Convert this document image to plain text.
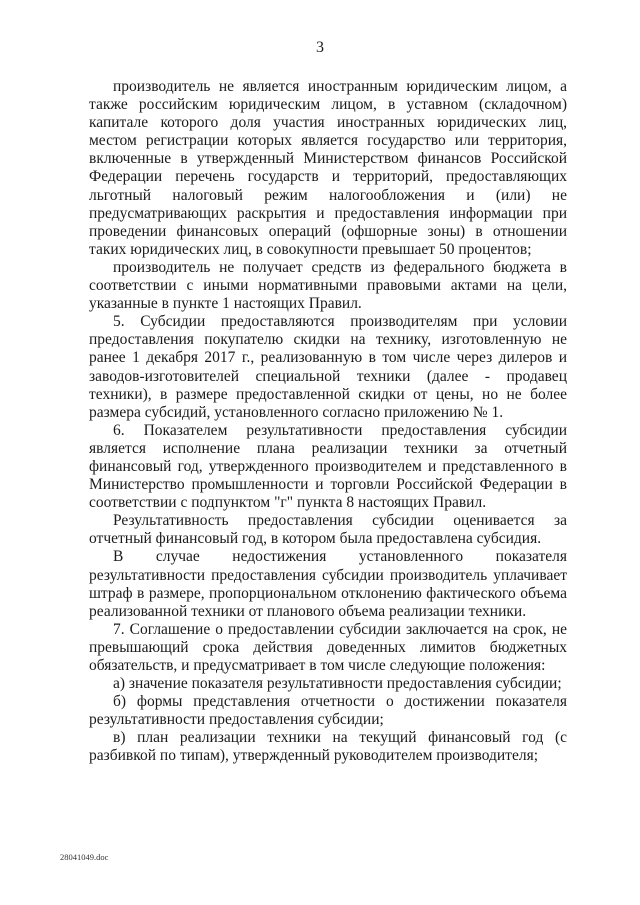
3

производитель не является иностранным юридическим лицом, а также российским юридическим лицом, в уставном (складочном) капитале которого доля участия иностранных юридических лиц, местом регистрации которых является государство или территория, включенные в утвержденный Министерством финансов Российской Федерации перечень государств и территорий, предоставляющих льготный налоговый режим налогообложения и (или) не предусматривающих раскрытия и предоставления информации при проведении финансовых операций (офшорные зоны) в отношении таких юридических лиц, в совокупности превышает 50 процентов;

производитель не получает средств из федерального бюджета в соответствии с иными нормативными правовыми актами на цели, указанные в пункте 1 настоящих Правил.

5. Субсидии предоставляются производителям при условии предоставления покупателю скидки на технику, изготовленную не ранее 1 декабря 2017 г., реализованную в том числе через дилеров и заводов-изготовителей специальной техники (далее - продавец техники), в размере предоставленной скидки от цены, но не более размера субсидий, установленного согласно приложению № 1.

6. Показателем результативности предоставления субсидии является исполнение плана реализации техники за отчетный финансовый год, утвержденного производителем и представленного в Министерство промышленности и торговли Российской Федерации в соответствии с подпунктом "г" пункта 8 настоящих Правил.

Результативность предоставления субсидии оценивается за отчетный финансовый год, в котором была предоставлена субсидия.

В случае недостижения установленного показателя результативности предоставления субсидии производитель уплачивает штраф в размере, пропорциональном отклонению фактического объема реализованной техники от планового объема реализации техники.

7. Соглашение о предоставлении субсидии заключается на срок, не превышающий срока действия доведенных лимитов бюджетных обязательств, и предусматривает в том числе следующие положения:

а) значение показателя результативности предоставления субсидии;

б) формы представления отчетности о достижении показателя результативности предоставления субсидии;

в) план реализации техники на текущий финансовый год (с разбивкой по типам), утвержденный руководителем производителя;

28041049.doc
